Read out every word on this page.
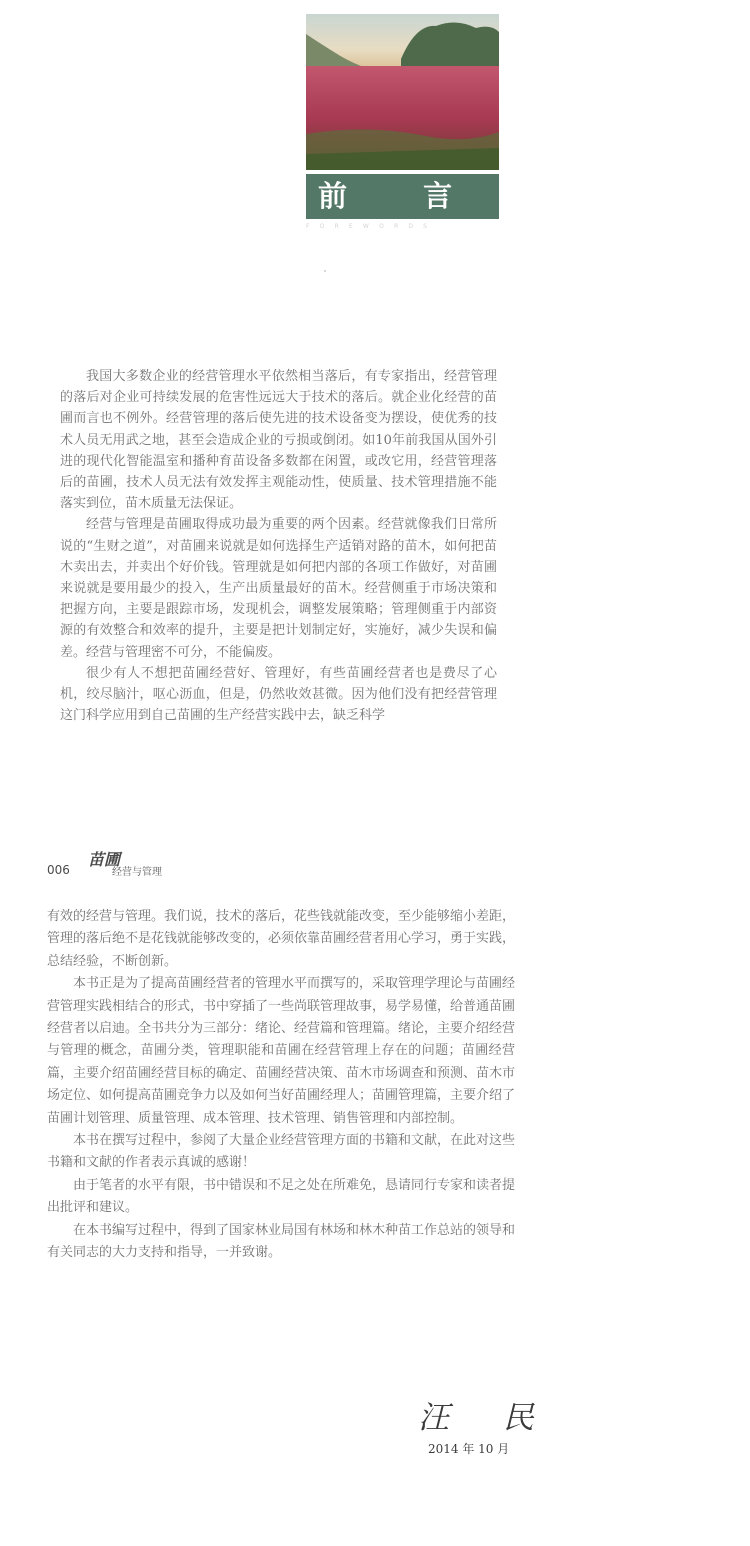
前 言
FOREWORDS

我国大多数企业的经营管理水平依然相当落后，有专家指出，经营管理的落后对企业可持续发展的危害性远远大于技术的落后。就企业化经营的苗圃而言也不例外。经营管理的落后使先进的技术设备变为摆设，使优秀的技术人员无用武之地，甚至会造成企业的亏损或倒闭。如10年前我国从国外引进的现代化智能温室和播种育苗设备多数都在闲置，或改它用，经营管理落后的苗圃，技术人员无法有效发挥主观能动性，使质量、技术管理措施不能落实到位，苗木质量无法保证。

经营与管理是苗圃取得成功最为重要的两个因素。经营就像我们日常所说的“生财之道”，对苗圃来说就是如何选择生产适销对路的苗木，如何把苗木卖出去，并卖出个好价钱。管理就是如何把内部的各项工作做好，对苗圃来说就是要用最少的投入，生产出质量最好的苗木。经营侧重于市场决策和把握方向，主要是跟踪市场，发现机会，调整发展策略；管理侧重于内部资源的有效整合和效率的提升，主要是把计划制定好，实施好，减少失误和偏差。经营与管理密不可分，不能偏废。

很少有人不想把苗圃经营好、管理好，有些苗圃经营者也是费尽了心机，绞尽脑汁，呕心沥血，但是，仍然收效甚微。因为他们没有把经营管理这门科学应用到自己苗圃的生产经营实践中去，缺乏科学

006
苗圃
经营与管理

有效的经营与管理。我们说，技术的落后，花些钱就能改变，至少能够缩小差距，管理的落后绝不是花钱就能够改变的，必须依靠苗圃经营者用心学习，勇于实践，总结经验，不断创新。

本书正是为了提高苗圃经营者的管理水平而撰写的，采取管理学理论与苗圃经营管理实践相结合的形式，书中穿插了一些尚联管理故事，易学易懂，给普通苗圃经营者以启迪。全书共分为三部分：绪论、经营篇和管理篇。绪论，主要介绍经营与管理的概念，苗圃分类，管理职能和苗圃在经营管理上存在的问题；苗圃经营篇，主要介绍苗圃经营目标的确定、苗圃经营决策、苗木市场调查和预测、苗木市场定位、如何提高苗圃竞争力以及如何当好苗圃经理人；苗圃管理篇，主要介绍了苗圃计划管理、质量管理、成本管理、技术管理、销售管理和内部控制。

本书在撰写过程中，参阅了大量企业经营管理方面的书籍和文献，在此对这些书籍和文献的作者表示真诚的感谢！

由于笔者的水平有限，书中错误和不足之处在所难免，恳请同行专家和读者提出批评和建议。

在本书编写过程中，得到了国家林业局国有林场和林木种苗工作总站的领导和有关同志的大力支持和指导，一并致谢。

汪 民
2014 年 10 月
